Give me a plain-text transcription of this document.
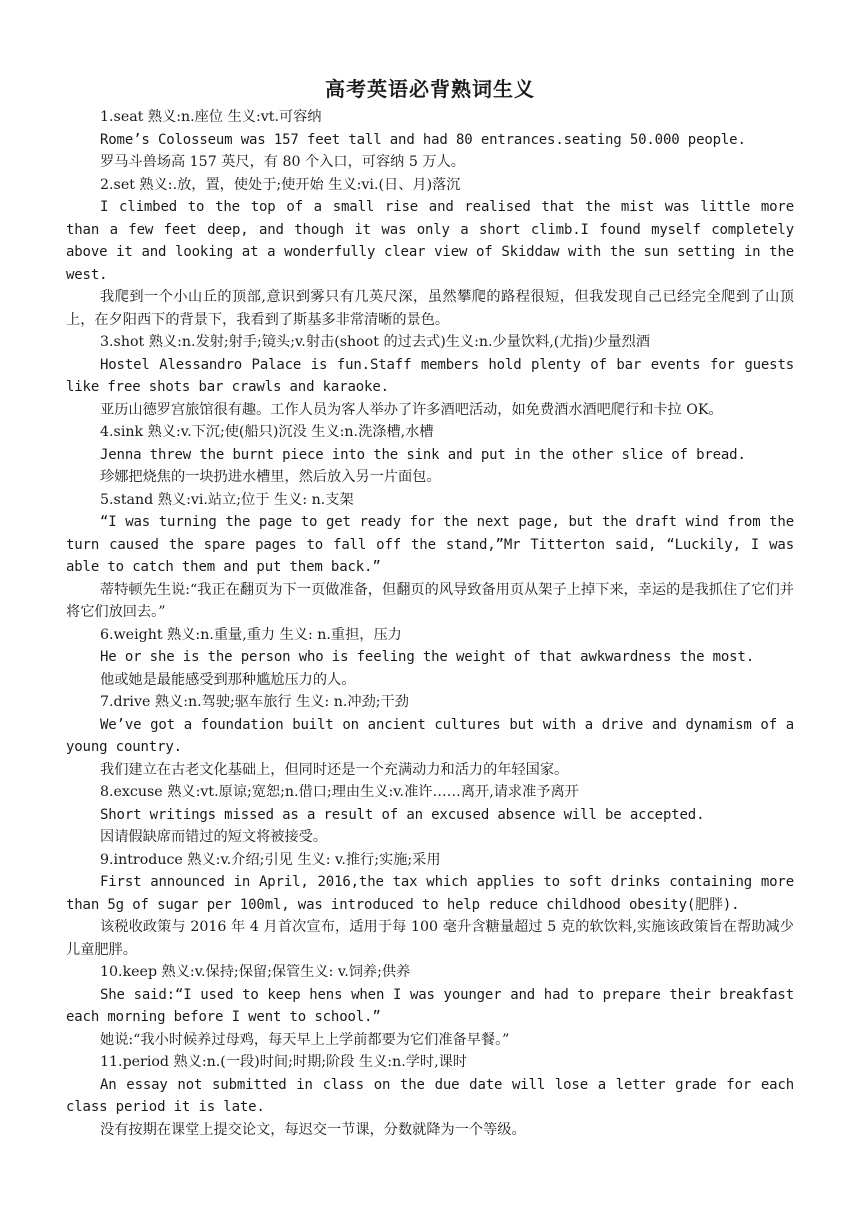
高考英语必背熟词生义

1.seat 熟义:n.座位 生义:vt.可容纳

Rome’s Colosseum was 157 feet tall and had 80 entrances.seating 50.000 people.

罗马斗兽场高 157 英尺，有 80 个入口，可容纳 5 万人。

2.set 熟义:.放，置，使处于;使开始 生义:vi.(日、月)落沉

I climbed to the top of a small rise and realised that the mist was little more than a few feet deep, and though it was only a short climb.I found myself completely above it and looking at a wonderfully clear view of Skiddaw with the sun setting in the west.

我爬到一个小山丘的顶部,意识到雾只有几英尺深，虽然攀爬的路程很短，但我发现自己已经完全爬到了山顶上，在夕阳西下的背景下，我看到了斯基多非常清晰的景色。

3.shot 熟义:n.发射;射手;镜头;v.射击(shoot 的过去式)生义:n.少量饮料,(尤指)少量烈酒

Hostel Alessandro Palace is fun.Staff members hold plenty of bar events for guests like free shots bar crawls and karaoke.

亚历山德罗宫旅馆很有趣。工作人员为客人举办了许多酒吧活动，如免费酒水酒吧爬行和卡拉 OK。

4.sink 熟义:v.下沉;使(船只)沉没 生义:n.洗涤槽,水槽

Jenna threw the burnt piece into the sink and put in the other slice of bread.

珍娜把烧焦的一块扔进水槽里，然后放入另一片面包。

5.stand 熟义:vi.站立;位于 生义: n.支架

“I was turning the page to get ready for the next page, but the draft wind from the turn caused the spare pages to fall off the stand,”Mr Titterton said, “Luckily, I was able to catch them and put them back.”

蒂特顿先生说:“我正在翻页为下一页做准备，但翻页的风导致备用页从架子上掉下来，幸运的是我抓住了它们并将它们放回去。”

6.weight 熟义:n.重量,重力 生义: n.重担，压力

He or she is the person who is feeling the weight of that awkwardness the most.

他或她是最能感受到那种尴尬压力的人。

7.drive 熟义:n.驾驶;驱车旅行 生义: n.冲劲;干劲

We’ve got a foundation built on ancient cultures but with a drive and dynamism of a young country.

我们建立在古老文化基础上，但同时还是一个充满动力和活力的年轻国家。

8.excuse 熟义:vt.原谅;宽恕;n.借口;理由生义:v.准许……离开,请求准予离开

Short writings missed as a result of an excused absence will be accepted.

因请假缺席而错过的短文将被接受。

9.introduce 熟义:v.介绍;引见 生义: v.推行;实施;采用

First announced in April, 2016,the tax which applies to soft drinks containing more than 5g of sugar per 100ml, was introduced to help reduce childhood obesity(肥胖).

该税收政策与 2016 年 4 月首次宣布，适用于每 100 毫升含糖量超过 5 克的软饮料,实施该政策旨在帮助减少儿童肥胖。

10.keep 熟义:v.保持;保留;保管生义: v.饲养;供养

She said:“I used to keep hens when I was younger and had to prepare their breakfast each morning before I went to school.”

她说:“我小时候养过母鸡，每天早上上学前都要为它们准备早餐。”

11.period 熟义:n.(一段)时间;时期;阶段 生义:n.学时,课时

An essay not submitted in class on the due date will lose a letter grade for each class period it is late.

没有按期在课堂上提交论文，每迟交一节课，分数就降为一个等级。
